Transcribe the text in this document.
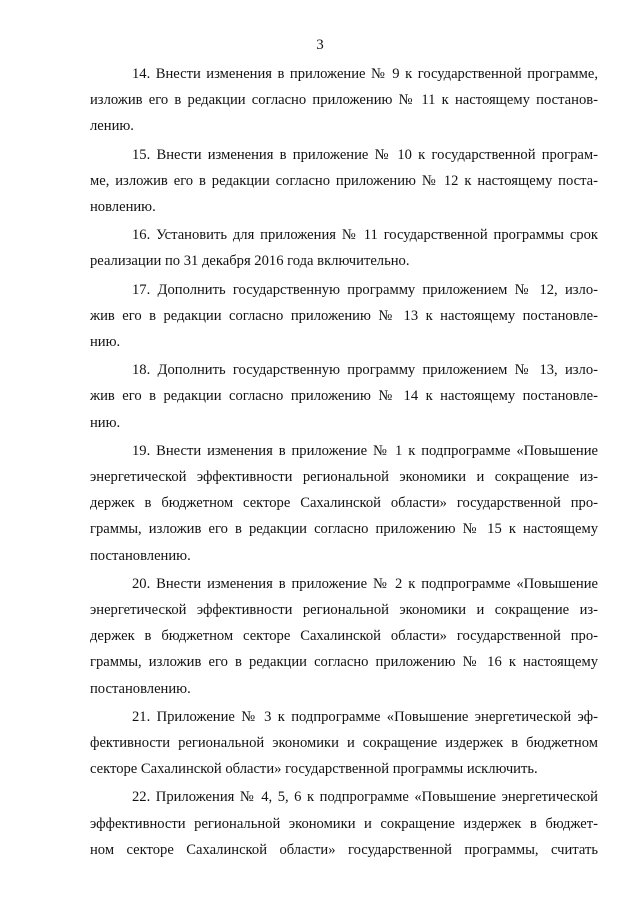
3
14. Внести изменения в приложение № 9 к государственной программе,
изложив его в редакции согласно приложению № 11 к настоящему постанов-
лению.
15. Внести изменения в приложение № 10 к государственной програм-
ме, изложив его в редакции согласно приложению № 12 к настоящему поста-
новлению.
16. Установить для приложения № 11 государственной программы срок
реализации по 31 декабря 2016 года включительно.
17. Дополнить государственную программу приложением № 12, изло-
жив его в редакции согласно приложению № 13 к настоящему постановле-
нию.
18. Дополнить государственную программу приложением № 13, изло-
жив его в редакции согласно приложению № 14 к настоящему постановле-
нию.
19. Внести изменения в приложение № 1 к подпрограмме «Повышение
энергетической эффективности региональной экономики и сокращение из-
держек в бюджетном секторе Сахалинской области» государственной про-
граммы, изложив его в редакции согласно приложению № 15 к настоящему
постановлению.
20. Внести изменения в приложение № 2 к подпрограмме «Повышение
энергетической эффективности региональной экономики и сокращение из-
держек в бюджетном секторе Сахалинской области» государственной про-
граммы, изложив его в редакции согласно приложению № 16 к настоящему
постановлению.
21. Приложение № 3 к подпрограмме «Повышение энергетической эф-
фективности региональной экономики и сокращение издержек в бюджетном
секторе Сахалинской области» государственной программы исключить.
22. Приложения № 4, 5, 6 к подпрограмме «Повышение энергетической
эффективности региональной экономики и сокращение издержек в бюджет-
ном секторе Сахалинской области» государственной программы, считать
